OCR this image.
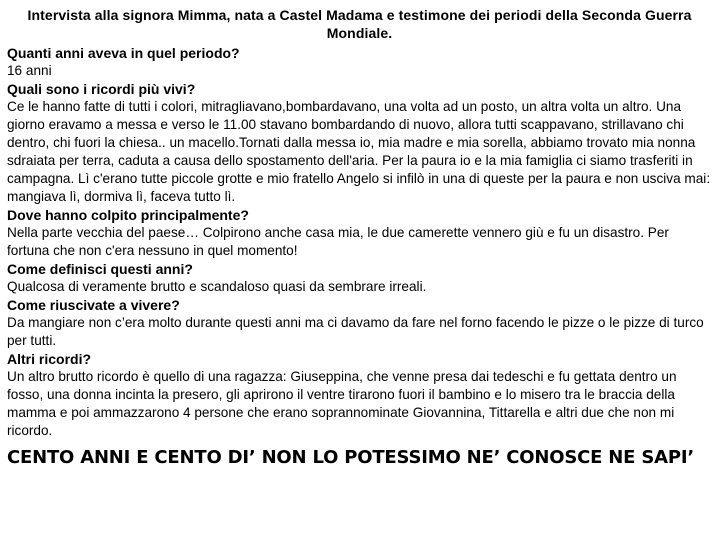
Intervista alla signora Mimma, nata a Castel Madama e testimone dei periodi della Seconda Guerra Mondiale.

Quanti anni aveva in quel periodo?

16 anni

Quali sono i ricordi più vivi?

Ce le hanno fatte di tutti i colori, mitragliavano,bombardavano, una volta ad un posto, un altra volta un altro. Una giorno eravamo a messa e verso le 11.00 stavano bombardando di nuovo, allora tutti scappavano, strillavano chi dentro, chi fuori la chiesa.. un macello.Tornati dalla messa io, mia madre e mia sorella, abbiamo trovato mia nonna sdraiata per terra, caduta a causa dello spostamento dell'aria. Per la paura io e la mia famiglia ci siamo trasferiti in campagna. Lì c'erano tutte piccole grotte e mio fratello Angelo si infilò in una di queste per la paura e non usciva mai: mangiava lì, dormiva lì, faceva tutto lì.

Dove hanno colpito principalmente?

Nella parte vecchia del paese… Colpirono anche casa mia, le due camerette vennero giù e fu un disastro. Per fortuna che non c'era nessuno in quel momento!

Come definisci questi anni?

Qualcosa di veramente brutto e scandaloso quasi da sembrare irreali.

Come riuscivate a vivere?

Da mangiare non c’era molto durante questi anni ma ci davamo da fare nel forno facendo le pizze o le pizze di turco per tutti.

Altri ricordi?

Un altro brutto ricordo è quello di una ragazza: Giuseppina, che venne presa dai tedeschi e fu gettata dentro un fosso, una donna incinta la presero, gli aprirono il ventre tirarono fuori il bambino e lo misero tra le braccia della mamma e poi ammazzarono 4 persone che erano soprannominate Giovannina, Tittarella e altri due che non mi ricordo.

CENTO ANNI E CENTO DI’ NON LO POTESSIMO NE’ CONOSCE NE SAPI’
